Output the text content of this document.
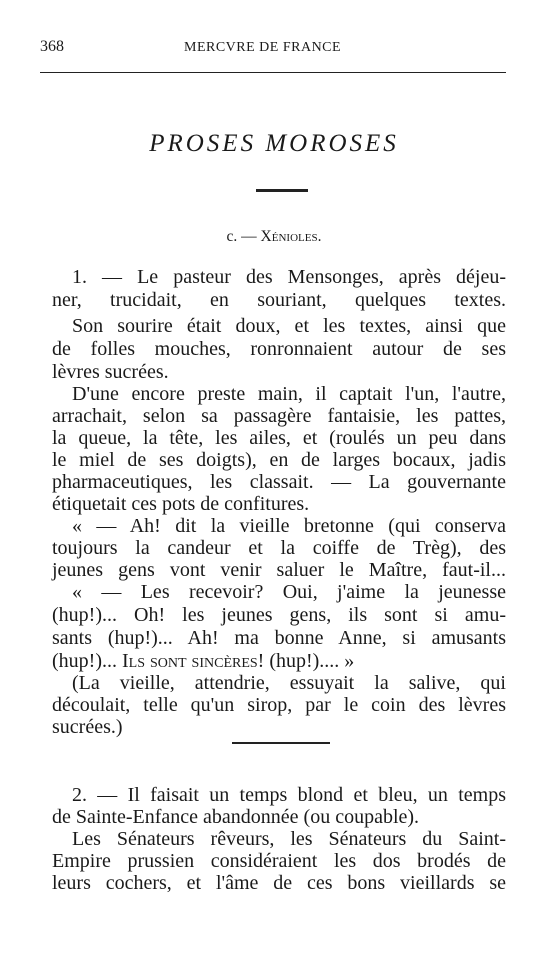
368	MERCVRE DE FRANCE
PROSES MOROSES
c. — Xénioles.
1. — Le pasteur des Mensonges, après déjeu-
ner, trucidait, en souriant, quelques textes.
Son sourire était doux, et les textes, ainsi que
de folles mouches, ronronnaient autour de ses
lèvres sucrées.
D'une encore preste main, il captait l'un, l'autre,
arrachait, selon sa passagère fantaisie, les pattes,
la queue, la tête, les ailes, et (roulés un peu dans
le miel de ses doigts), en de larges bocaux, jadis
pharmaceutiques, les classait. — La gouvernante
étiquetait ces pots de confitures.
« — Ah! dit la vieille bretonne (qui conserva
toujours la candeur et la coiffe de Trèg), des
jeunes gens vont venir saluer le Maître, faut-il...
« — Les recevoir? Oui, j'aime la jeunesse
(hup!)... Oh! les jeunes gens, ils sont si amu-
sants (hup!)... Ah! ma bonne Anne, si amusants
(hup!)... Ils sont sincères! (hup!).... »
(La vieille, attendrie, essuyait la salive, qui
découlait, telle qu'un sirop, par le coin des lèvres
sucrées.)
2. — Il faisait un temps blond et bleu, un temps
de Sainte-Enfance abandonnée (ou coupable).
Les Sénateurs rêveurs, les Sénateurs du Saint-
Empire prussien considéraient les dos brodés de
leurs cochers, et l'âme de ces bons vieillards se
